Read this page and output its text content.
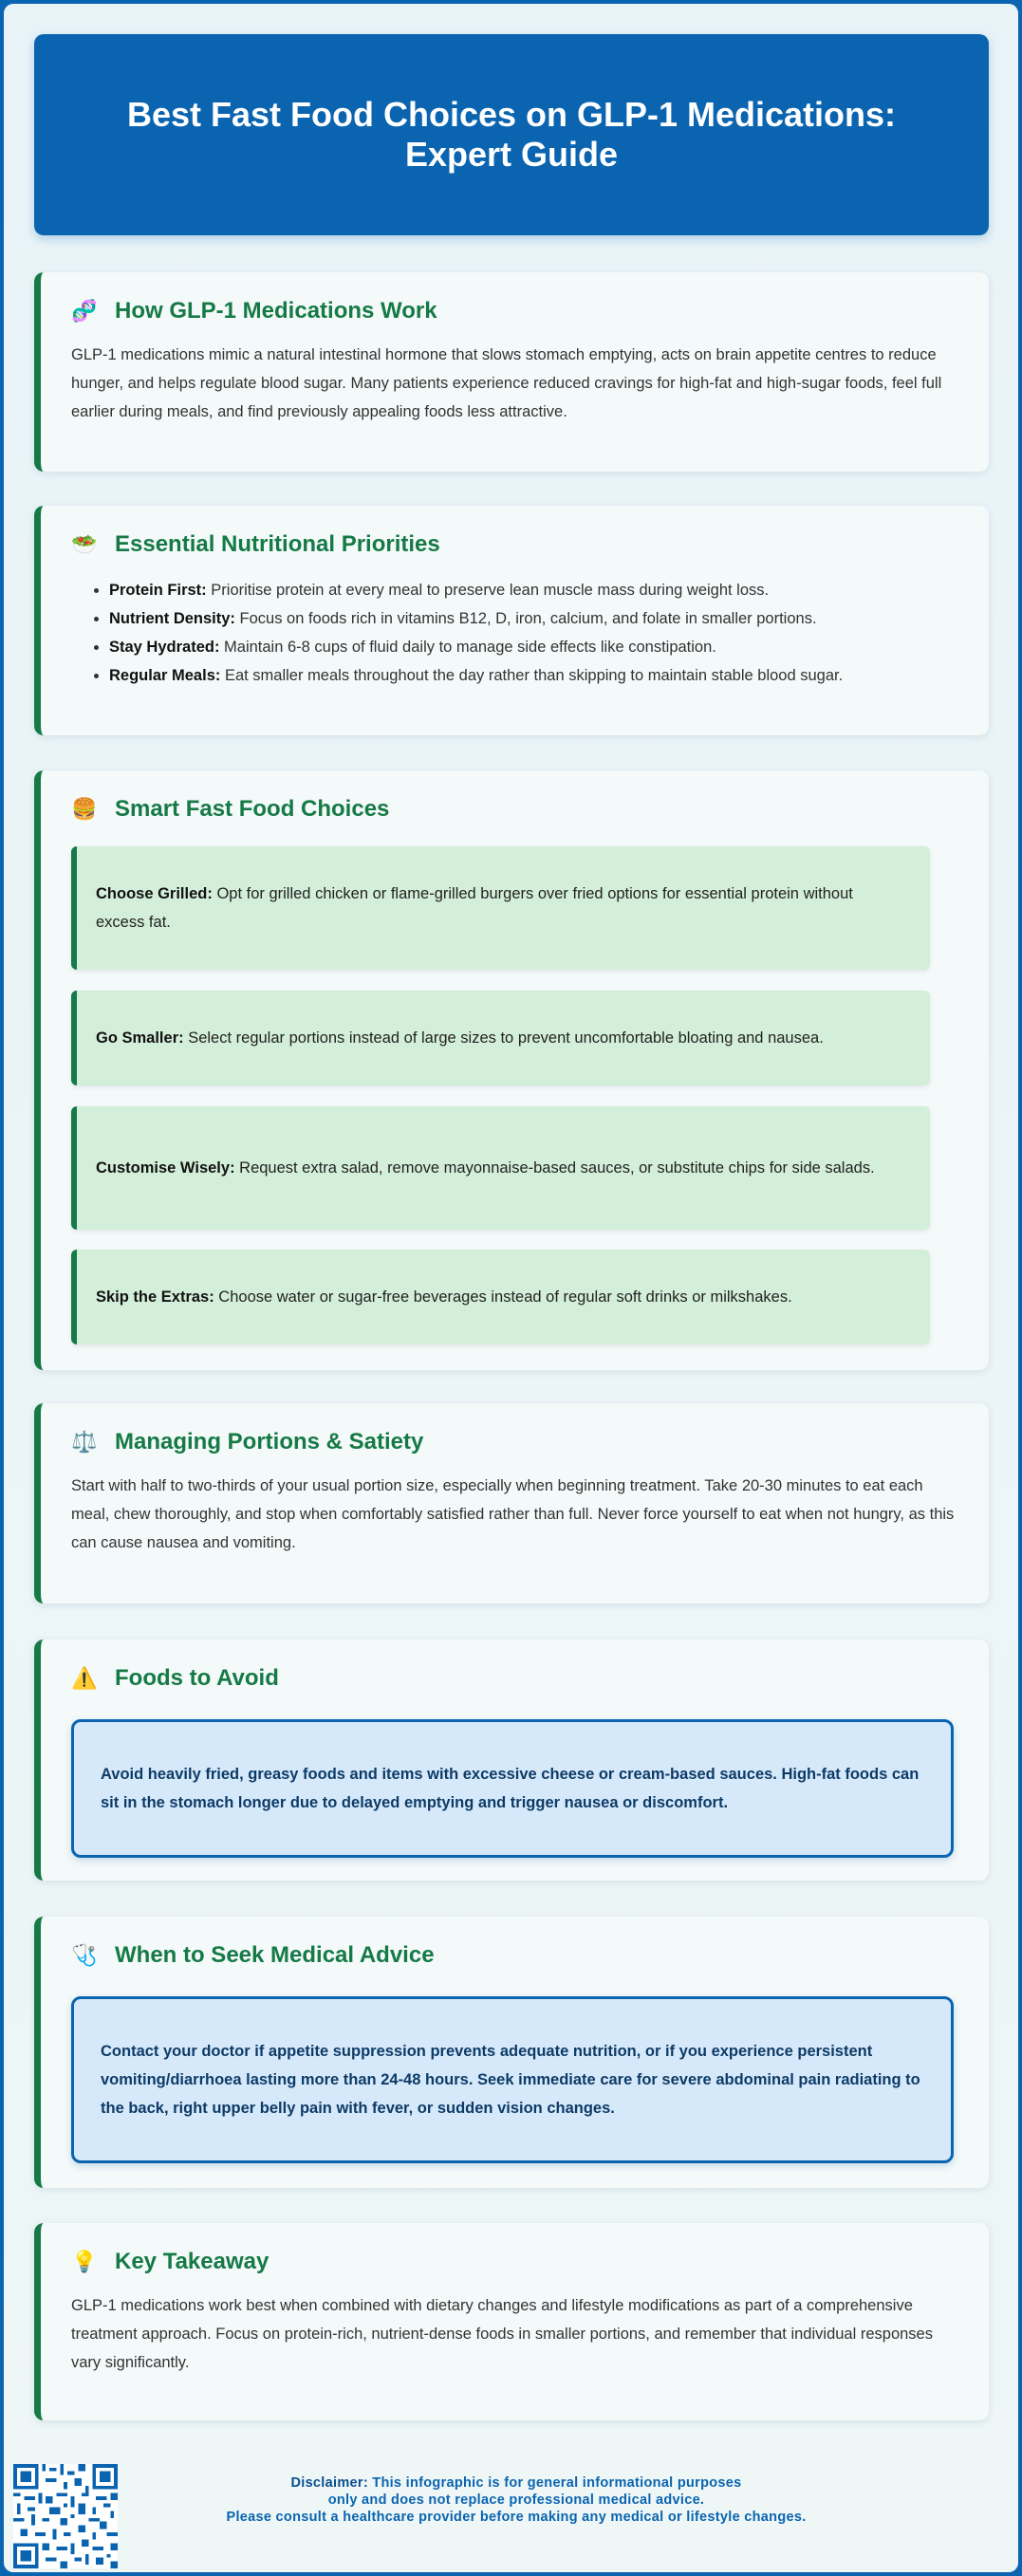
Best Fast Food Choices on GLP-1 Medications: Expert Guide
🧬 How GLP-1 Medications Work

GLP-1 medications mimic a natural intestinal hormone that slows stomach emptying, acts on brain appetite centres to reduce hunger, and helps regulate blood sugar. Many patients experience reduced cravings for high-fat and high-sugar foods, feel full earlier during meals, and find previously appealing foods less attractive.

🥗 Essential Nutritional Priorities
• Protein First: Prioritise protein at every meal to preserve lean muscle mass during weight loss.
• Nutrient Density: Focus on foods rich in vitamins B12, D, iron, calcium, and folate in smaller portions.
• Stay Hydrated: Maintain 6-8 cups of fluid daily to manage side effects like constipation.
• Regular Meals: Eat smaller meals throughout the day rather than skipping to maintain stable blood sugar.
🍔 Smart Fast Food Choices
Choose Grilled: Opt for grilled chicken or flame-grilled burgers over fried options for essential protein without excess fat.
Go Smaller: Select regular portions instead of large sizes to prevent uncomfortable bloating and nausea.
Customise Wisely: Request extra salad, remove mayonnaise-based sauces, or substitute chips for side salads.
Skip the Extras: Choose water or sugar-free beverages instead of regular soft drinks or milkshakes.
⚖️ Managing Portions & Satiety

Start with half to two-thirds of your usual portion size, especially when beginning treatment. Take 20-30 minutes to eat each meal, chew thoroughly, and stop when comfortably satisfied rather than full. Never force yourself to eat when not hungry, as this can cause nausea and vomiting.

⚠️ Foods to Avoid
Avoid heavily fried, greasy foods and items with excessive cheese or cream-based sauces. High-fat foods can sit in the stomach longer due to delayed emptying and trigger nausea or discomfort.
🩺 When to Seek Medical Advice
Contact your doctor if appetite suppression prevents adequate nutrition, or if you experience persistent vomiting/diarrhoea lasting more than 24-48 hours. Seek immediate care for severe abdominal pain radiating to the back, right upper belly pain with fever, or sudden vision changes.
💡 Key Takeaway

GLP-1 medications work best when combined with dietary changes and lifestyle modifications as part of a comprehensive treatment approach. Focus on protein-rich, nutrient-dense foods in smaller portions, and remember that individual responses vary significantly.

Disclaimer: This infographic is for general informational purposes
only and does not replace professional medical advice.
Please consult a healthcare provider before making any medical or lifestyle changes.
